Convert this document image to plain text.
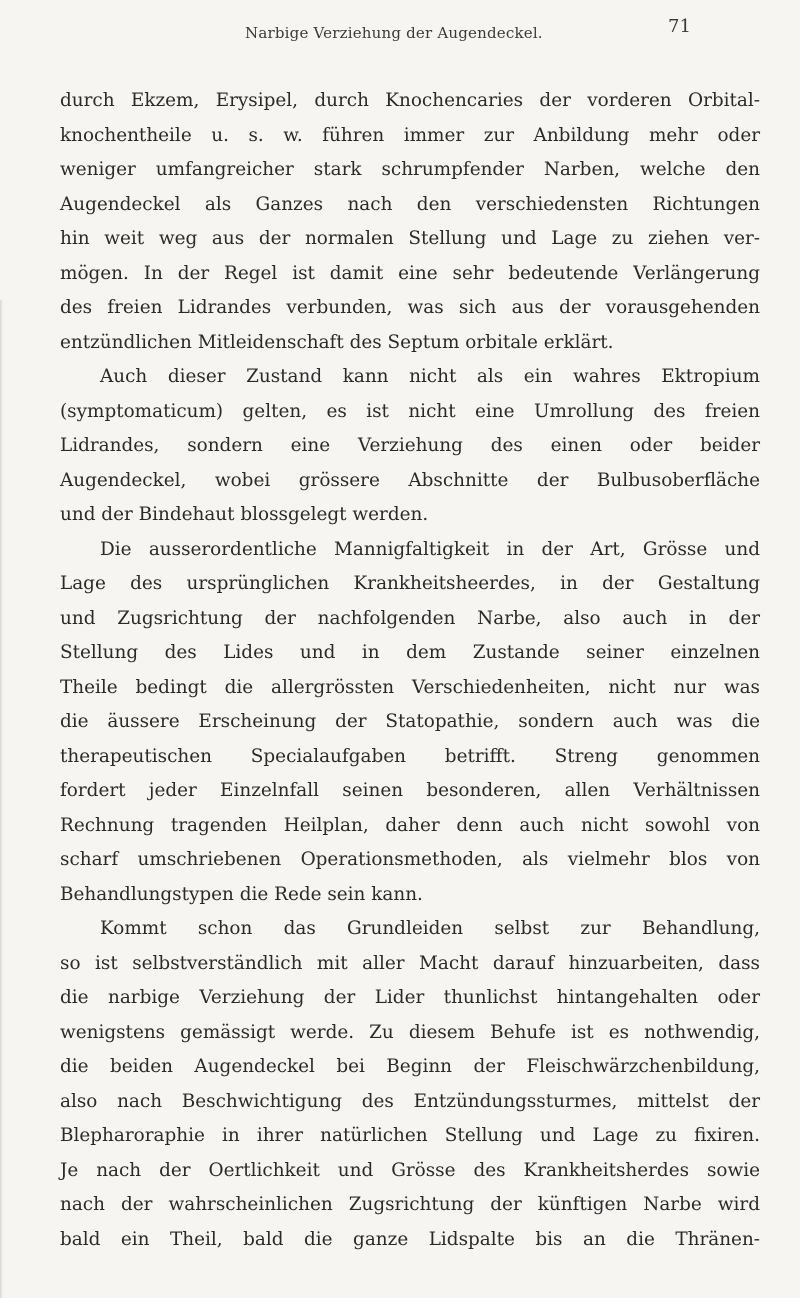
Narbige Verziehung der Augendeckel.	71
durch Ekzem, Erysipel, durch Knochencaries der vorderen Orbital-
knochentheile u. s. w. führen immer zur Anbildung mehr oder
weniger umfangreicher stark schrumpfender Narben, welche den
Augendeckel als Ganzes nach den verschiedensten Richtungen
hin weit weg aus der normalen Stellung und Lage zu ziehen ver-
mögen. In der Regel ist damit eine sehr bedeutende Verlängerung
des freien Lidrandes verbunden, was sich aus der vorausgehenden
entzündlichen Mitleidenschaft des Septum orbitale erklärt.
Auch dieser Zustand kann nicht als ein wahres Ektropium
(symptomaticum) gelten, es ist nicht eine Umrollung des freien
Lidrandes, sondern eine Verziehung des einen oder beider
Augendeckel, wobei grössere Abschnitte der Bulbusoberfläche
und der Bindehaut blossgelegt werden.
Die ausserordentliche Mannigfaltigkeit in der Art, Grösse und
Lage des ursprünglichen Krankheitsheerdes, in der Gestaltung
und Zugsrichtung der nachfolgenden Narbe, also auch in der
Stellung des Lides und in dem Zustande seiner einzelnen
Theile bedingt die allergrössten Verschiedenheiten, nicht nur was
die äussere Erscheinung der Statopathie, sondern auch was die
therapeutischen Specialaufgaben betrifft. Streng genommen
fordert jeder Einzelnfall seinen besonderen, allen Verhältnissen
Rechnung tragenden Heilplan, daher denn auch nicht sowohl von
scharf umschriebenen Operationsmethoden, als vielmehr blos von
Behandlungstypen die Rede sein kann.
Kommt schon das Grundleiden selbst zur Behandlung,
so ist selbstverständlich mit aller Macht darauf hinzuarbeiten, dass
die narbige Verziehung der Lider thunlichst hintangehalten oder
wenigstens gemässigt werde. Zu diesem Behufe ist es nothwendig,
die beiden Augendeckel bei Beginn der Fleischwärzchenbildung,
also nach Beschwichtigung des Entzündungssturmes, mittelst der
Blepharoraphie in ihrer natürlichen Stellung und Lage zu fixiren.
Je nach der Oertlichkeit und Grösse des Krankheitsherdes sowie
nach der wahrscheinlichen Zugsrichtung der künftigen Narbe wird
bald ein Theil, bald die ganze Lidspalte bis an die Thränen-
